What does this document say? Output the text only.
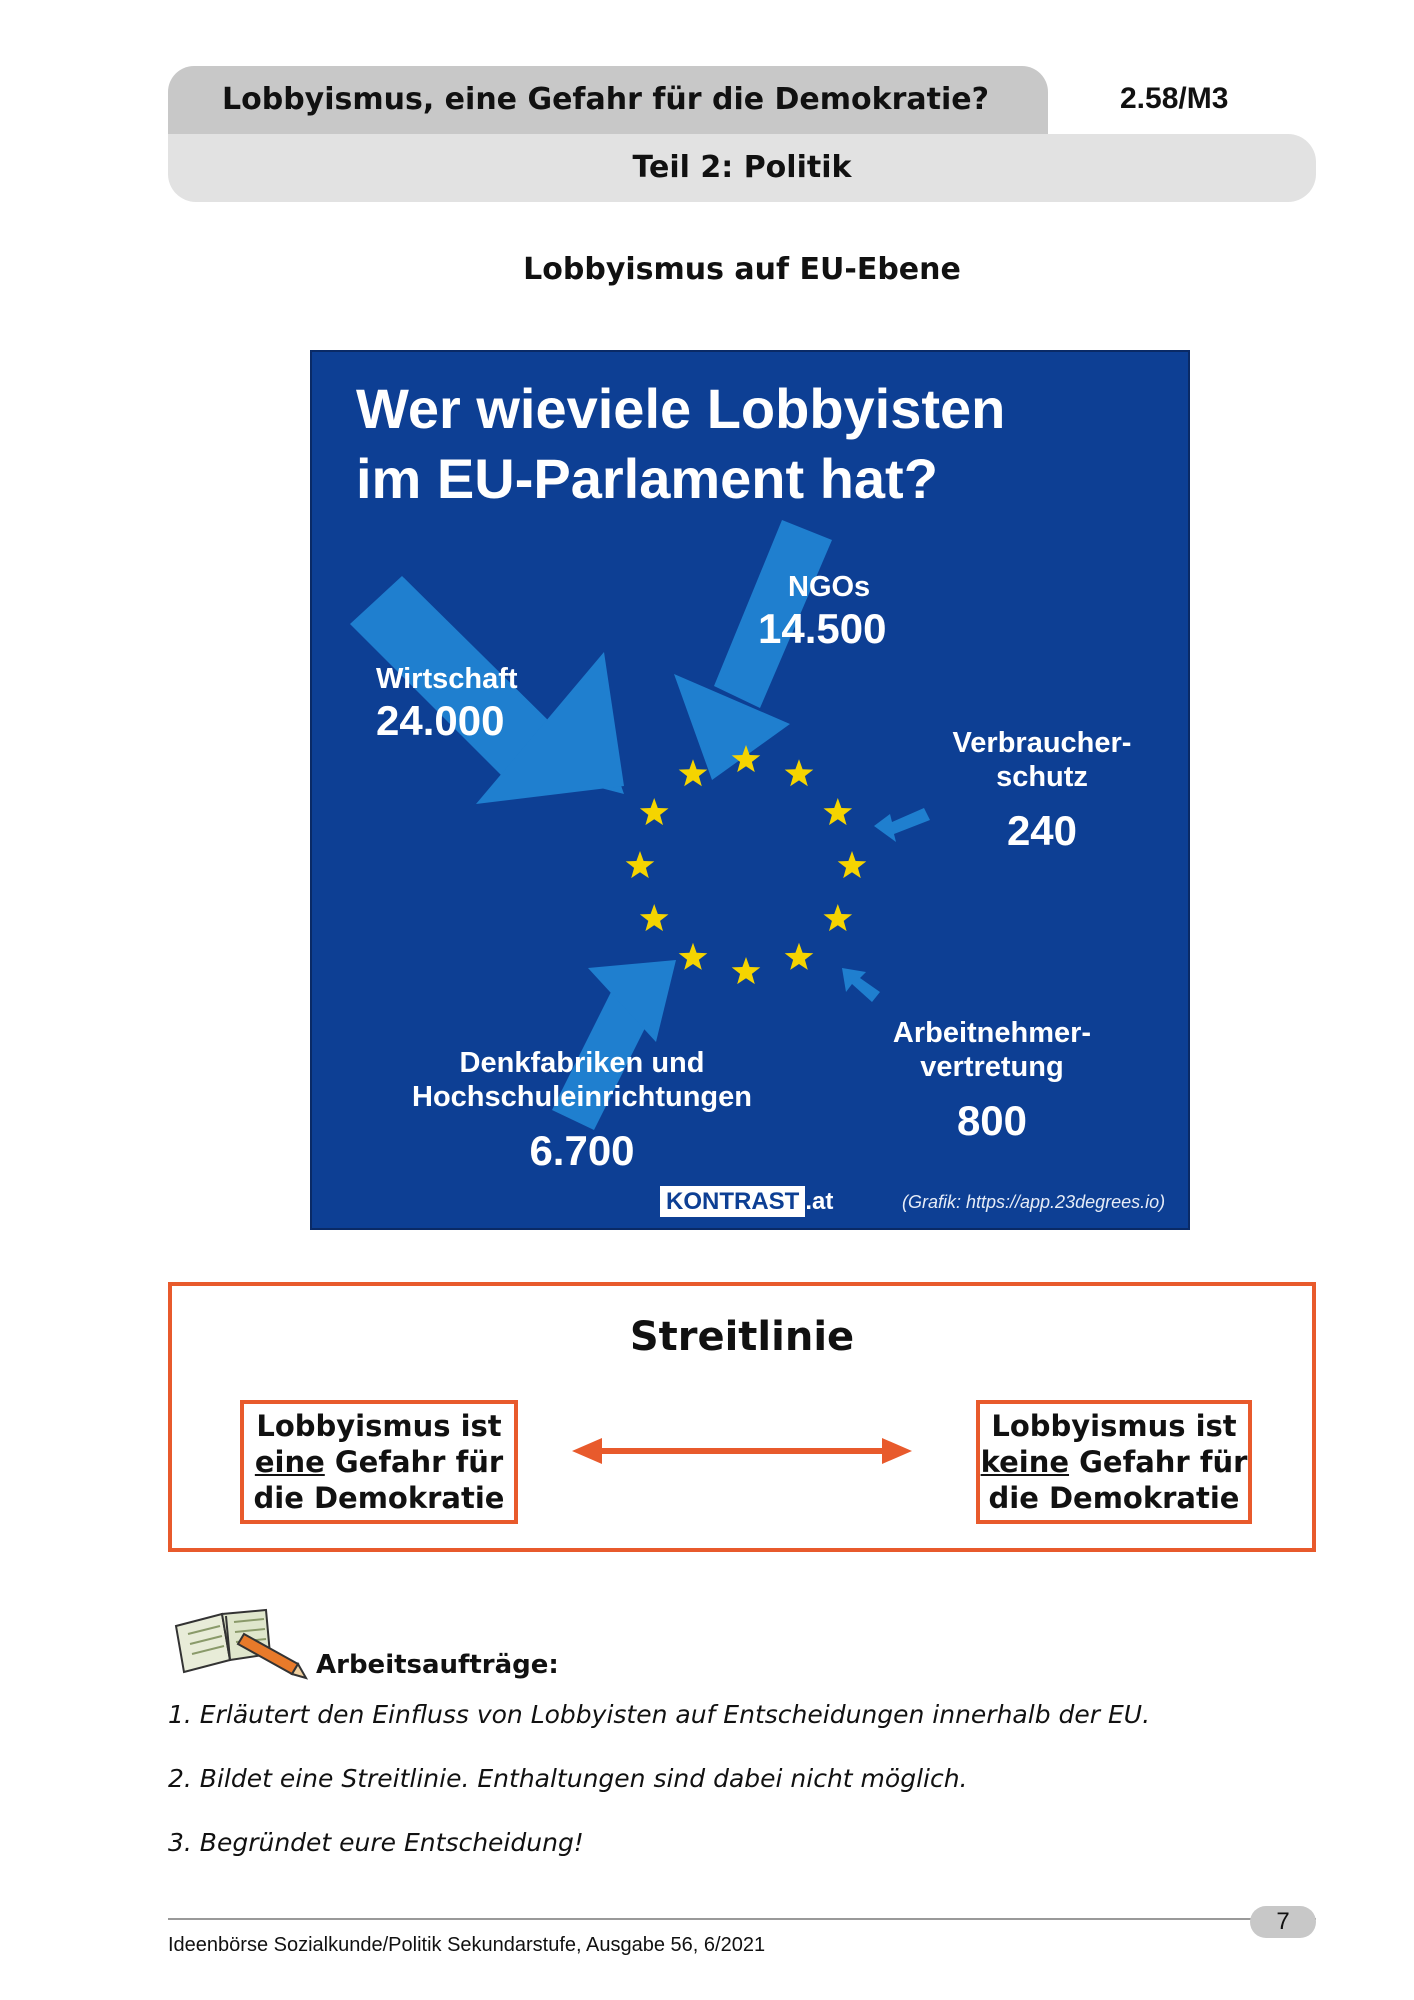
Lobbyismus, eine Gefahr für die Demokratie?	2.58/M3
Teil 2: Politik
Lobbyismus auf EU-Ebene
Wer wieviele Lobbyisten
im EU-Parlament hat?
Wirtschaft
24.000
NGOs
14.500
Verbraucher-
schutz
240
Denkfabriken und
Hochschuleinrichtungen
6.700
Arbeitnehmer-
vertretung
800
KONTRAST .at	(Grafik: https://app.23degrees.io)
Streitlinie
Lobbyismus ist
eine Gefahr für
die Demokratie
Lobbyismus ist
keine Gefahr für
die Demokratie
Arbeitsaufträge:
1. Erläutert den Einfluss von Lobbyisten auf Entscheidungen innerhalb der EU.
2. Bildet eine Streitlinie. Enthaltungen sind dabei nicht möglich.
3. Begründet eure Entscheidung!
7
Ideenbörse Sozialkunde/Politik Sekundarstufe, Ausgabe 56, 6/2021
